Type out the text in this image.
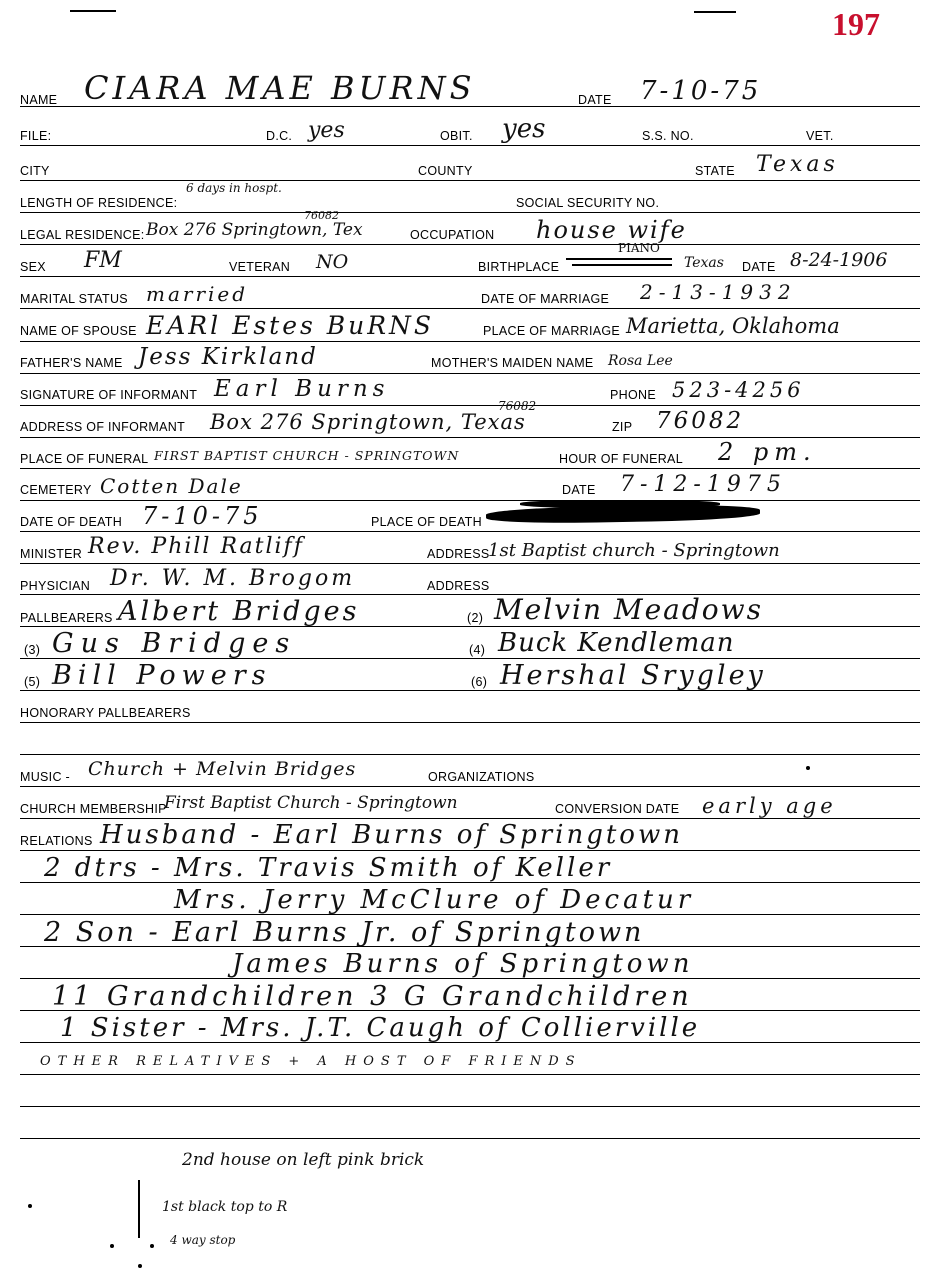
197
NAME CIARA MAE BURNS	DATE 7-10-75
FILE:	D.C. yes	OBIT. yes	S.S. NO.	VET.
CITY	COUNTY	STATE Texas
LENGTH OF RESIDENCE:
6 days in hospt.
SOCIAL SECURITY NO.
LEGAL RESIDENCE:
76082
Box 276 Springtown, Tex	OCCUPATION house wife
SEX FM	VETERAN NO	BIRTHPLACE
PIANO
Texas DATE 8-24-1906
MARITAL STATUS married	DATE OF MARRIAGE 2-13-1932
NAME OF SPOUSE EARl Estes BuRNS	PLACE OF MARRIAGE Marietta, Oklahoma
FATHER'S NAME Jess Kirkland	MOTHER'S MAIDEN NAME Rosa Lee
SIGNATURE OF INFORMANT Earl Burns	PHONE 523-4256
ADDRESS OF INFORMANT
76082
Box 276 Springtown, Texas	ZIP 76082
PLACE OF FUNERAL FIRST BAPTIST CHURCH - SPRINGTOWN	HOUR OF FUNERAL 2 pm.
CEMETERY Cotten Dale	DATE 7-12-1975
DATE OF DEATH 7-10-75	PLACE OF DEATH
MINISTER Rev. Phill Ratliff	ADDRESS
1st Baptist church - Springtown
PHYSICIAN Dr. W. M. Brogom	ADDRESS
PALLBEARERS Albert Bridges	(2) Melvin Meadows
(3) Gus Bridges	(4) Buck Kendleman
(5) Bill Powers	(6) Hershal Srygley
HONORARY PALLBEARERS
MUSIC - Church + Melvin Bridges	ORGANIZATIONS
CHURCH MEMBERSHIP
First Baptist Church - Springtown	CONVERSION DATE early age
RELATIONS Husband - Earl Burns of Springtown
2 dtrs - Mrs. Travis Smith of Keller
Mrs. Jerry McClure of Decatur
2 Son - Earl Burns Jr. of Springtown
James Burns of Springtown
11 Grandchildren 3 G Grandchildren
1 Sister - Mrs. J.T. Caugh of Collierville
OTHER RELATIVES + A HOST OF FRIENDS
2nd house on left pink brick
1st black top to R
4 way stop
